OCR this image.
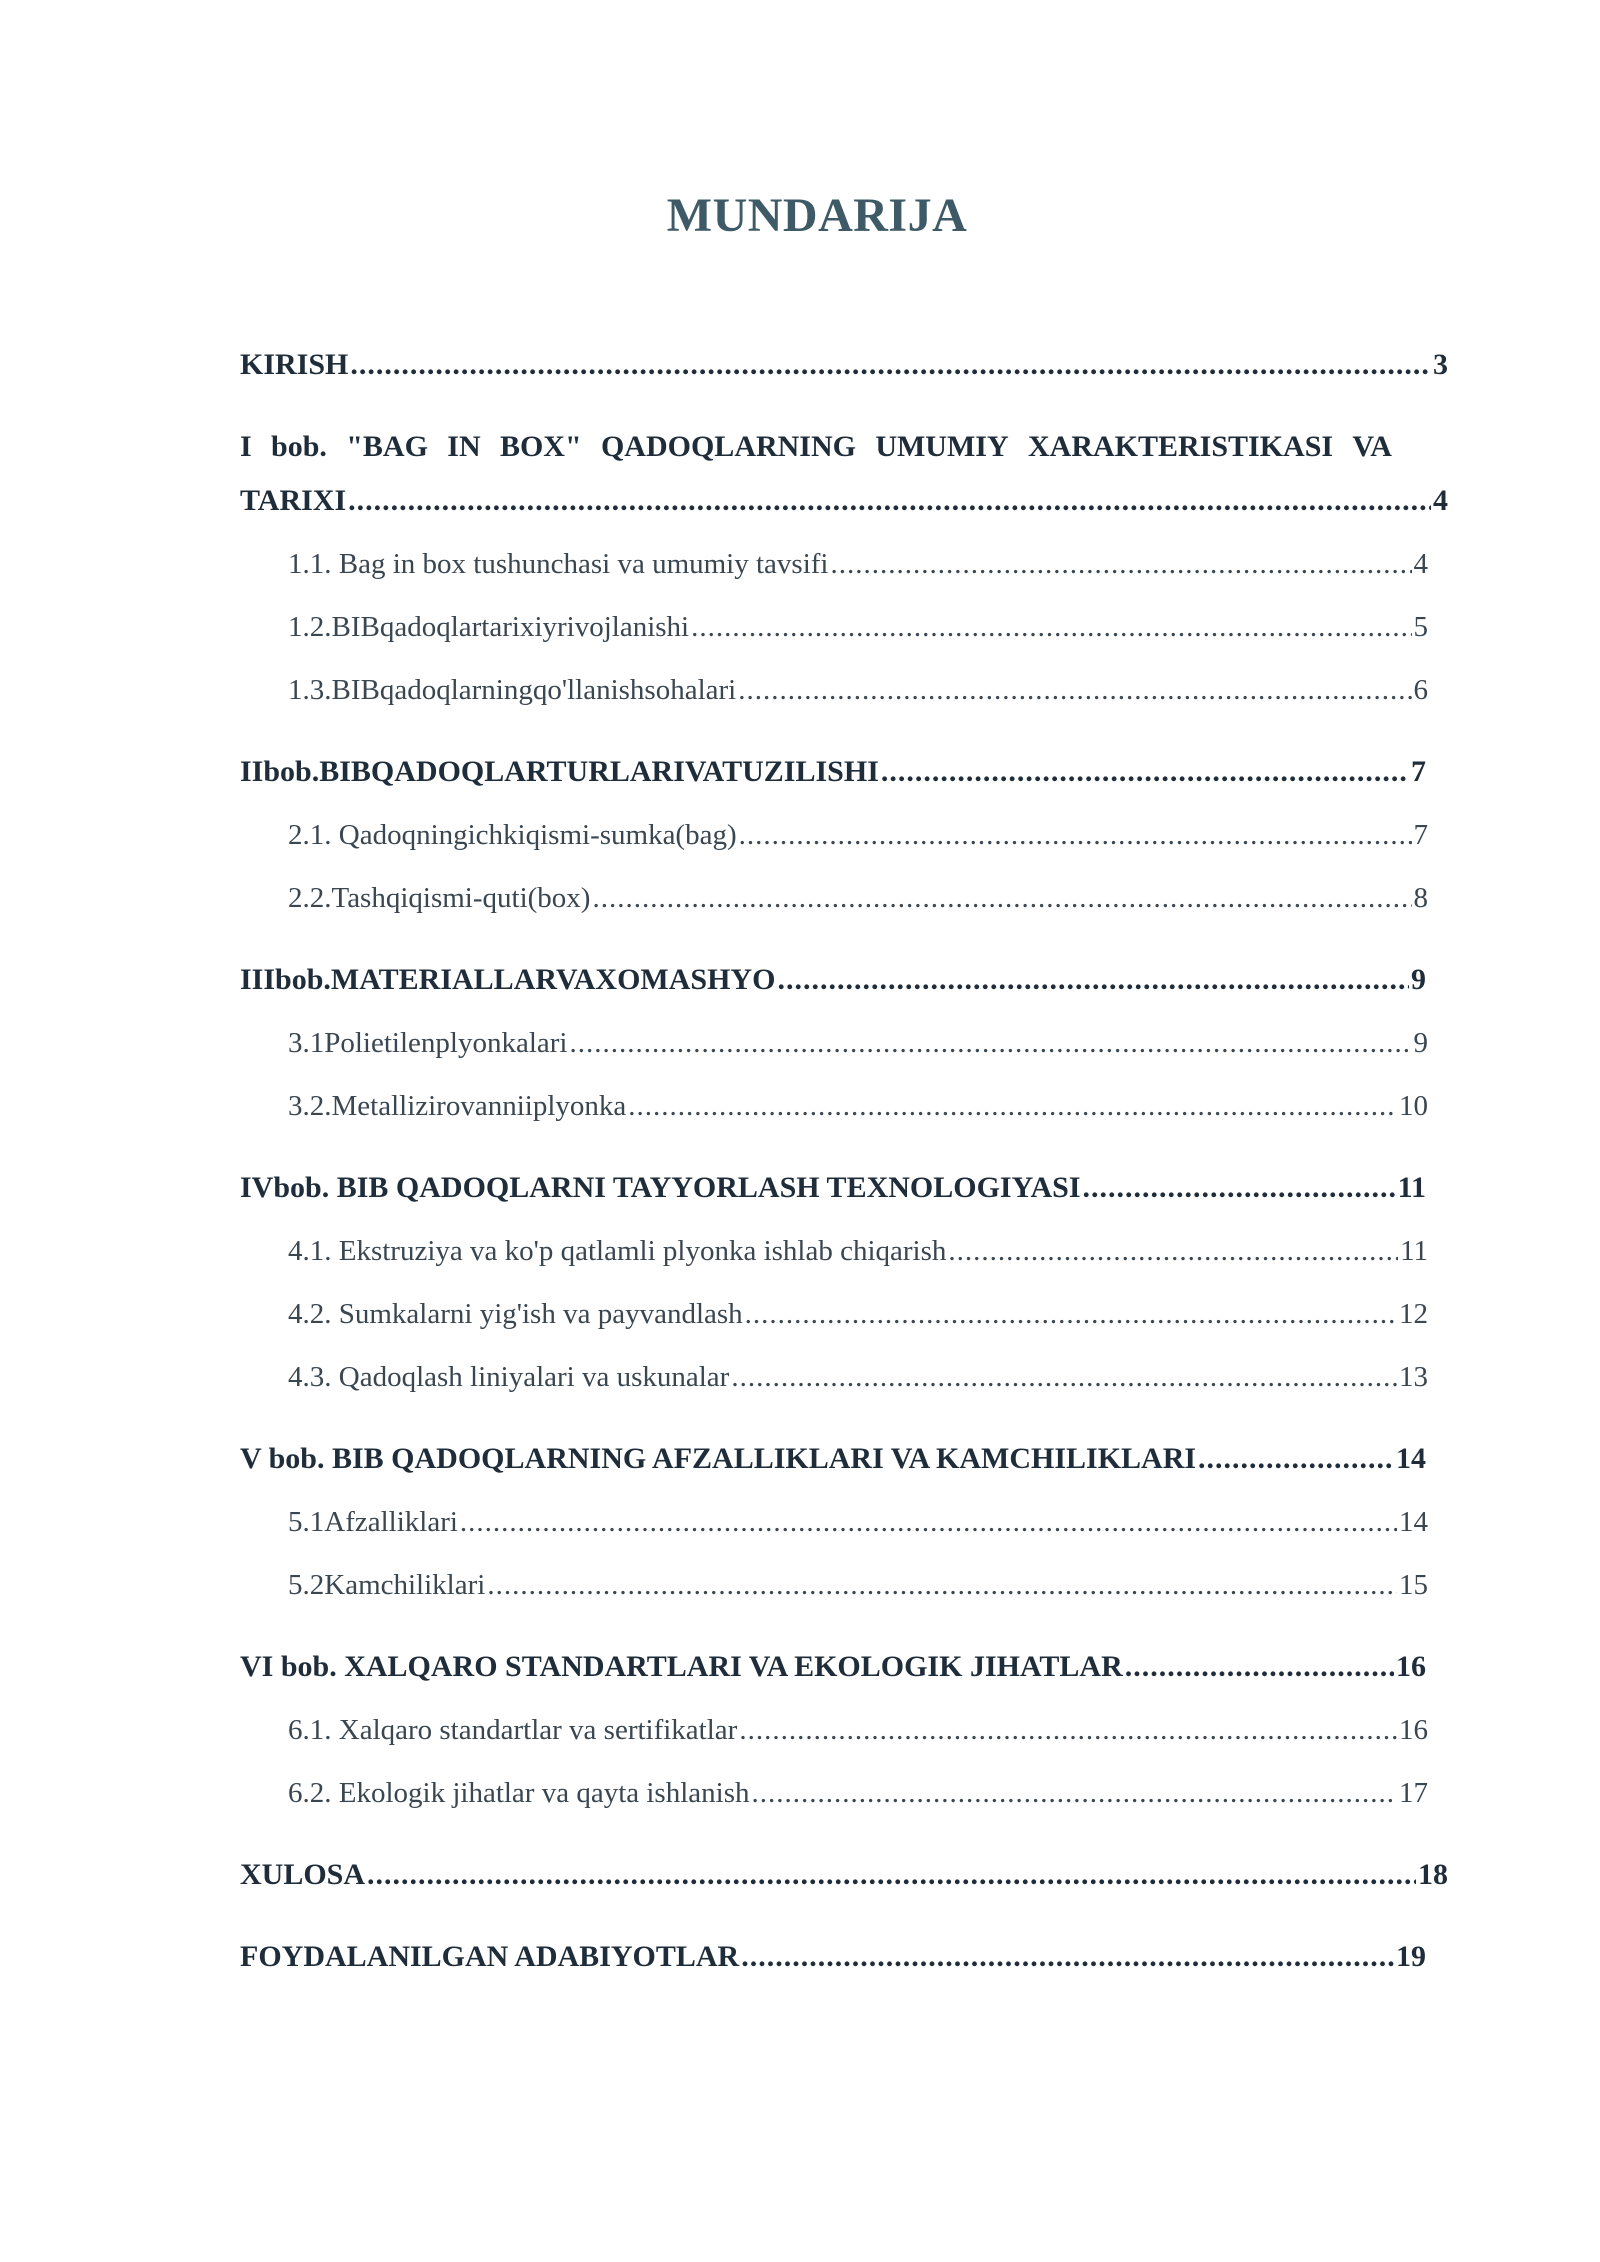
MUNDARIJA
KIRISH .....	3
I bob. "BAG IN BOX" QADOQLARNING UMUMIY XARAKTERISTIKASI VA
TARIXI .....	4
1.1. Bag in box tushunchasi va umumiy tavsifi .....	4
1.2.BIBqadoqlartarixiyrivojlanishi .....	5
1.3.BIBqadoqlarningqo'llanishsohalari .....	6
IIbob.BIBQADOQLARTURLARIVATUZILISHI .....	7
2.1. Qadoqningichkiqismi-sumka(bag) .....	7
2.2.Tashqiqismi-quti(box) .....	8
IIIbob.MATERIALLARVAXOMASHYO .....	9
3.1Polietilenplyonkalari .....	9
3.2.Metallizirovanniiplyonka .....	10
IVbob. BIB QADOQLARNI TAYYORLASH TEXNOLOGIYASI .....	11
4.1. Ekstruziya va ko'p qatlamli plyonka ishlab chiqarish .....	11
4.2. Sumkalarni yig'ish va payvandlash .....	12
4.3. Qadoqlash liniyalari va uskunalar .....	13
V bob. BIB QADOQLARNING AFZALLIKLARI VA KAMCHILIKLARI .....	14
5.1Afzalliklari .....	14
5.2Kamchiliklari .....	15
VI bob. XALQARO STANDARTLARI VA EKOLOGIK JIHATLAR .....	16
6.1. Xalqaro standartlar va sertifikatlar .....	16
6.2. Ekologik jihatlar va qayta ishlanish .....	17
XULOSA .....	18
FOYDALANILGAN ADABIYOTLAR .....	19
